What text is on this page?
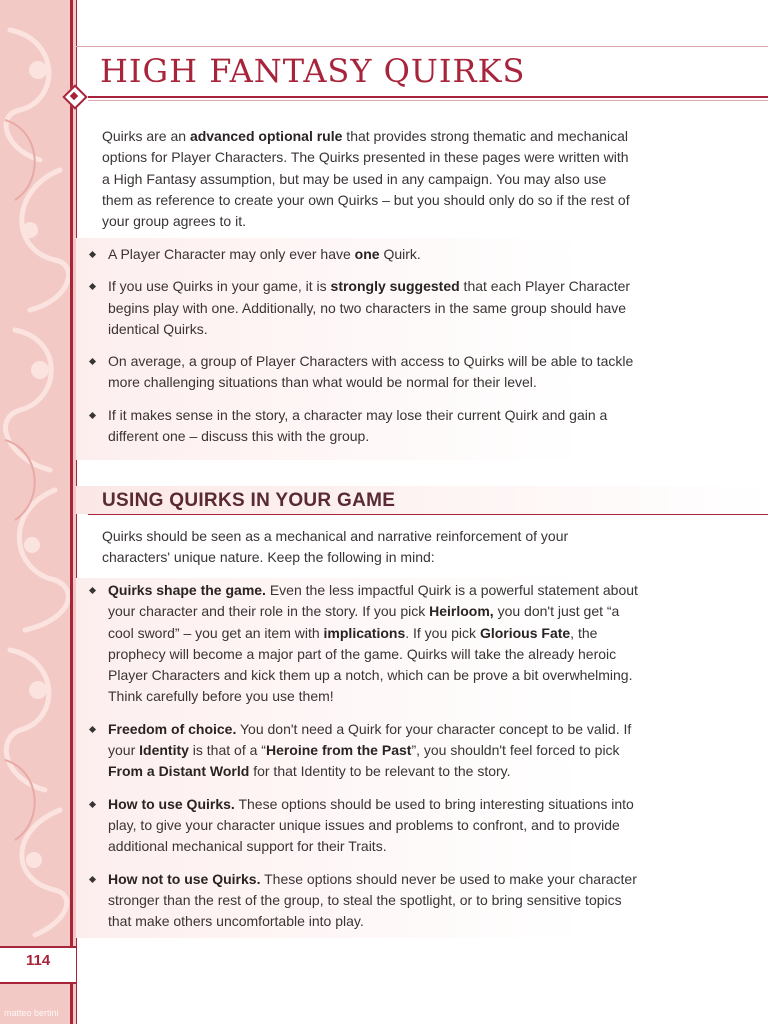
114
matteo bertini
HIGH FANTASY QUIRKS

Quirks are an advanced optional rule that provides strong thematic and mechanical options for Player Characters. The Quirks presented in these pages were written with a High Fantasy assumption, but may be used in any campaign. You may also use them as reference to create your own Quirks – but you should only do so if the rest of your group agrees to it.

A Player Character may only ever have one Quirk.
If you use Quirks in your game, it is strongly suggested that each Player Character begins play with one. Additionally, no two characters in the same group should have identical Quirks.
On average, a group of Player Characters with access to Quirks will be able to tackle more challenging situations than what would be normal for their level.
If it makes sense in the story, a character may lose their current Quirk and gain a different one – discuss this with the group.
USING QUIRKS IN YOUR GAME

Quirks should be seen as a mechanical and narrative reinforcement of your characters' unique nature. Keep the following in mind:

Quirks shape the game. Even the less impactful Quirk is a powerful statement about your character and their role in the story. If you pick Heirloom, you don't just get “a cool sword” – you get an item with implications. If you pick Glorious Fate, the prophecy will become a major part of the game. Quirks will take the already heroic Player Characters and kick them up a notch, which can be prove a bit overwhelming. Think carefully before you use them!
Freedom of choice. You don't need a Quirk for your character concept to be valid. If your Identity is that of a “Heroine from the Past”, you shouldn't feel forced to pick From a Distant World for that Identity to be relevant to the story.
How to use Quirks. These options should be used to bring interesting situations into play, to give your character unique issues and problems to confront, and to provide additional mechanical support for their Traits.
How not to use Quirks. These options should never be used to make your character stronger than the rest of the group, to steal the spotlight, or to bring sensitive topics that make others uncomfortable into play.
